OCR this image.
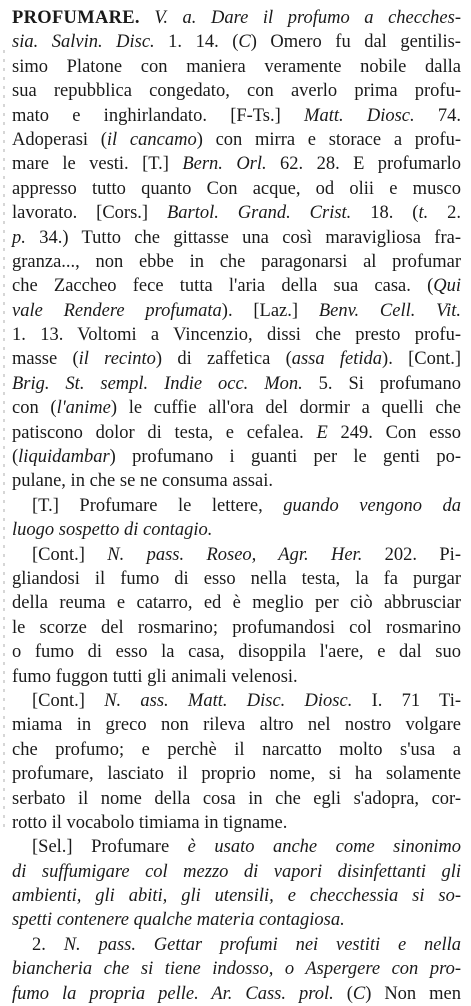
PROFUMARE. V. a. Dare il profumo a checches-
sia. Salvin. Disc. 1. 14. (C) Omero fu dal gentilis-
simo Platone con maniera veramente nobile dalla
sua repubblica congedato, con averlo prima profu-
mato e inghirlandato. [F-Ts.] Matt. Diosc. 74.
Adoperasi (il cancamo) con mirra e storace a profu-
mare le vesti. [T.] Bern. Orl. 62. 28. E profumarlo
appresso tutto quanto Con acque, od olii e musco
lavorato. [Cors.] Bartol. Grand. Crist. 18. (t. 2.
p. 34.) Tutto che gittasse una così maravigliosa fra-
granza..., non ebbe in che paragonarsi al profumar
che Zaccheo fece tutta l'aria della sua casa. (Qui
vale Rendere profumata). [Laz.] Benv. Cell. Vit.
1. 13. Voltomi a Vincenzio, dissi che presto profu-
masse (il recinto) di zaffetica (assa fetida). [Cont.]
Brig. St. sempl. Indie occ. Mon. 5. Si profumano
con (l'anime) le cuffie all'ora del dormir a quelli che
patiscono dolor di testa, e cefalea. E 249. Con esso
(liquidambar) profumano i guanti per le genti po-
pulane, in che se ne consuma assai.
[T.] Profumare le lettere, guando vengono da
luogo sospetto di contagio.
[Cont.] N. pass. Roseo, Agr. Her. 202. Pi-
gliandosi il fumo di esso nella testa, la fa purgar
della reuma e catarro, ed è meglio per ciò abbrusciar
le scorze del rosmarino; profumandosi col rosmarino
o fumo di esso la casa, disoppila l'aere, e dal suo
fumo fuggon tutti gli animali velenosi.
[Cont.] N. ass. Matt. Disc. Diosc. I. 71 Ti-
miama in greco non rileva altro nel nostro volgare
che profumo; e perchè il narcatto molto s'usa a
profumare, lasciato il proprio nome, si ha solamente
serbato il nome della cosa in che egli s'adopra, cor-
rotto il vocabolo timiama in tigname.
[Sel.] Profumare è usato anche come sinonimo
di suffumigare col mezzo di vapori disinfettanti gli
ambienti, gli abiti, gli utensili, e checchessia si so-
spetti contenere qualche materia contagiosa.
2. N. pass. Gettar profumi nei vestiti e nella
biancheria che si tiene indosso, o Aspergere con pro-
fumo la propria pelle. Ar. Cass. prol. (C) Non men
